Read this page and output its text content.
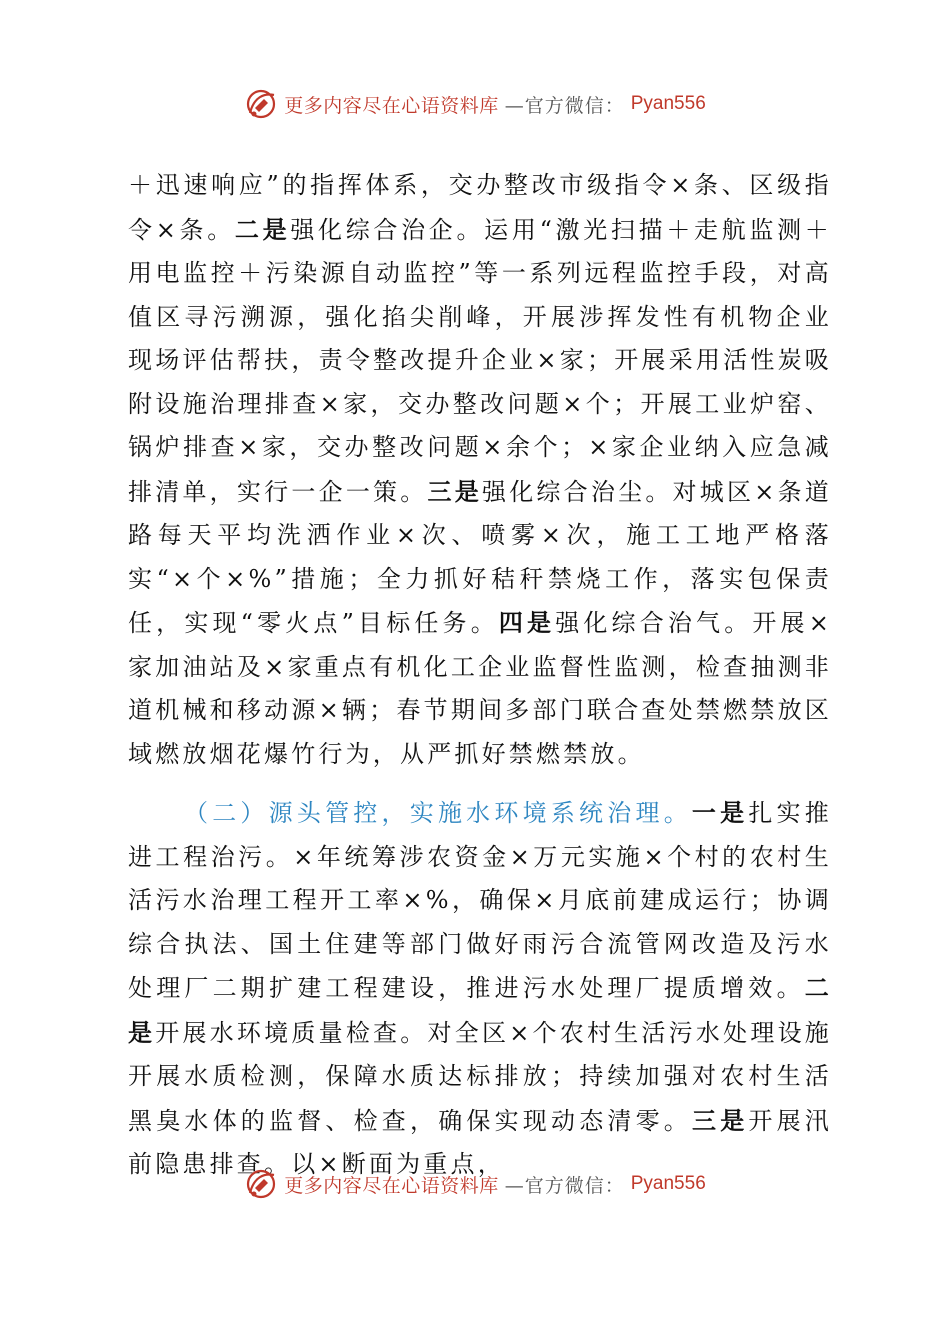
更多内容尽在心语资料库 —官方微信： Pyan556

＋迅速响应”的指挥体系，交办整改市级指令×条、区级指令×条。二是强化综合治企。运用“激光扫描＋走航监测＋用电监控＋污染源自动监控”等一系列远程监控手段，对高值区寻污溯源，强化掐尖削峰，开展涉挥发性有机物企业现场评估帮扶，责令整改提升企业×家；开展采用活性炭吸附设施治理排查×家，交办整改问题×个；开展工业炉窑、锅炉排查×家，交办整改问题×余个；×家企业纳入应急减排清单，实行一企一策。三是强化综合治尘。对城区×条道路每天平均洗洒作业×次、喷雾×次，施工工地严格落实“×个×%”措施；全力抓好秸秆禁烧工作，落实包保责任，实现“零火点”目标任务。四是强化综合治气。开展×家加油站及×家重点有机化工企业监督性监测，检查抽测非道机械和移动源×辆；春节期间多部门联合查处禁燃禁放区域燃放烟花爆竹行为，从严抓好禁燃禁放。

（二）源头管控，实施水环境系统治理。一是扎实推进工程治污。×年统筹涉农资金×万元实施×个村的农村生活污水治理工程开工率×%，确保×月底前建成运行；协调综合执法、国土住建等部门做好雨污合流管网改造及污水处理厂二期扩建工程建设，推进污水处理厂提质增效。二是开展水环境质量检查。对全区×个农村生活污水处理设施开展水质检测，保障水质达标排放；持续加强对农村生活黑臭水体的监督、检查，确保实现动态清零。三是开展汛前隐患排查。以×断面为重点，

更多内容尽在心语资料库 —官方微信： Pyan556
